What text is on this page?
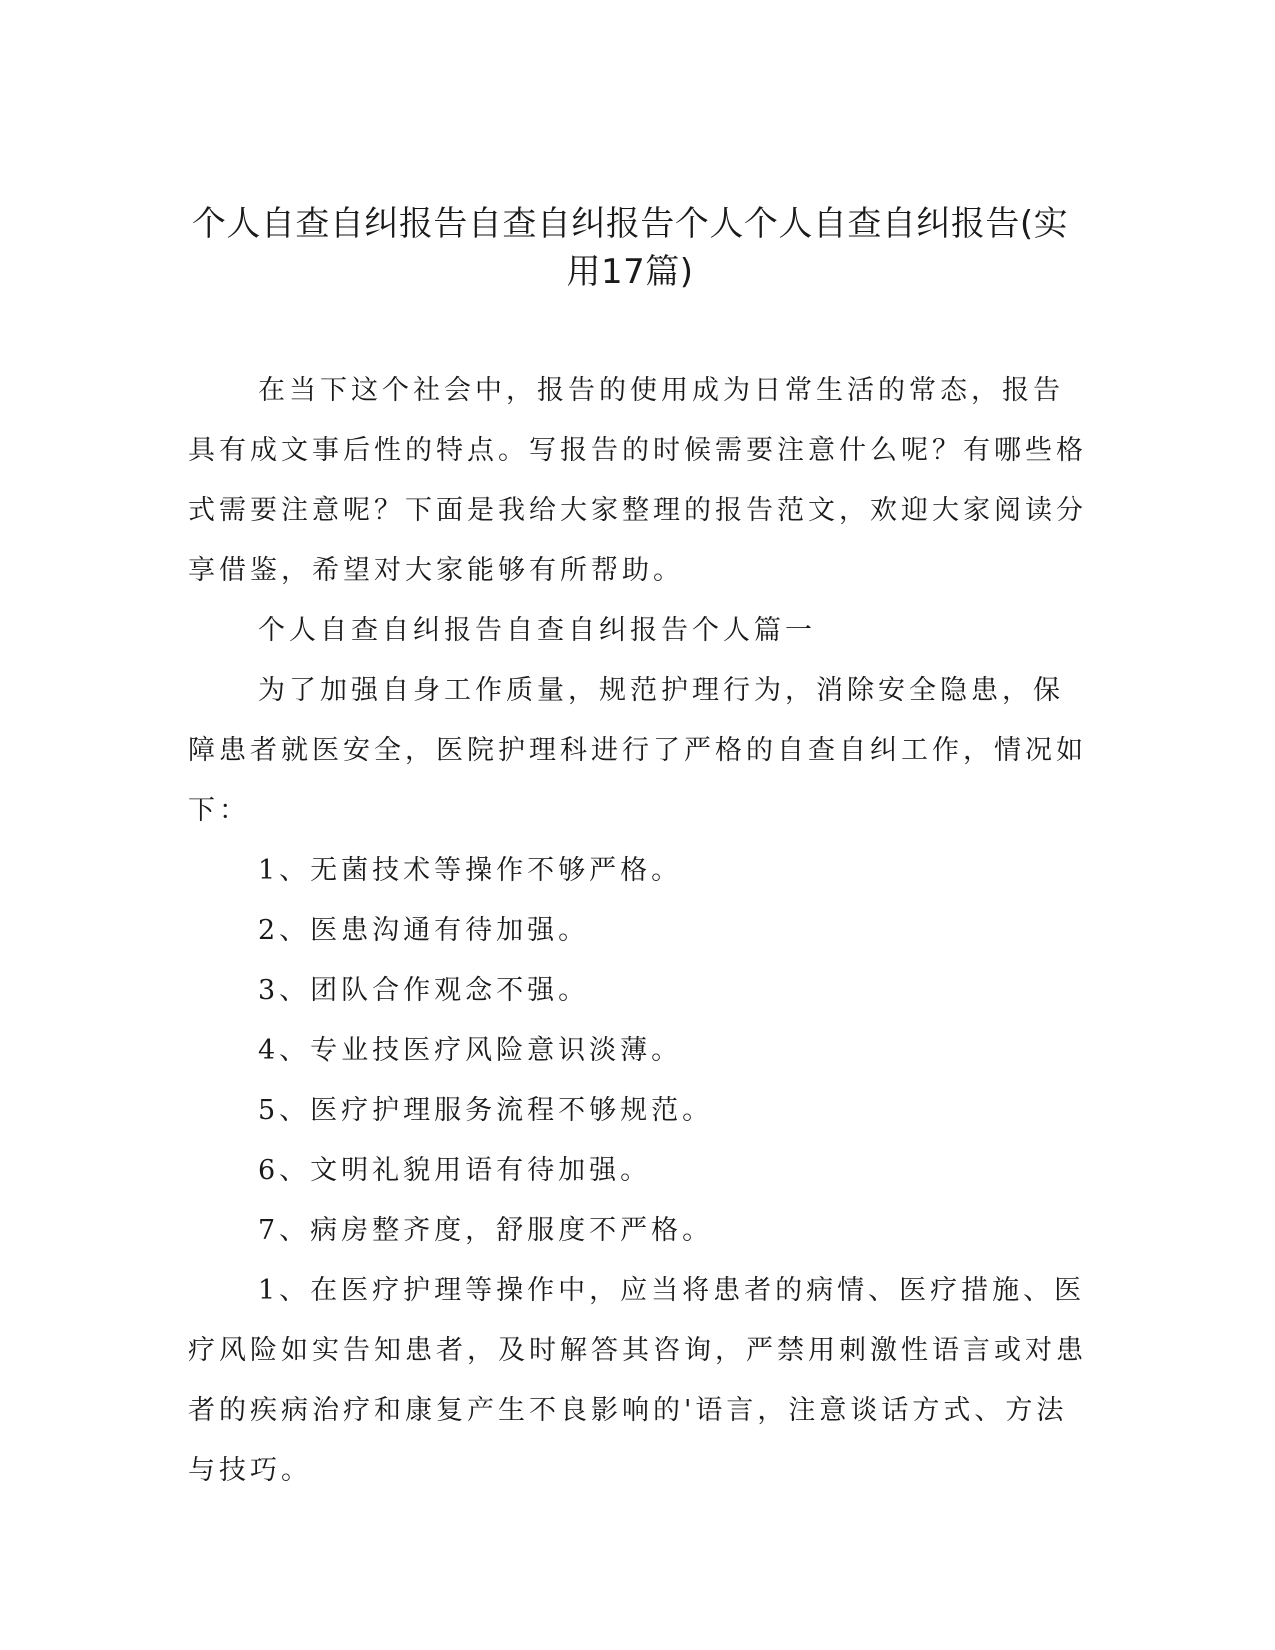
个人自查自纠报告自查自纠报告个人个人自查自纠报告(实用17篇)

在当下这个社会中，报告的使用成为日常生活的常态，报告具有成文事后性的特点。写报告的时候需要注意什么呢？有哪些格式需要注意呢？下面是我给大家整理的报告范文，欢迎大家阅读分享借鉴，希望对大家能够有所帮助。

个人自查自纠报告自查自纠报告个人篇一

为了加强自身工作质量，规范护理行为，消除安全隐患，保障患者就医安全，医院护理科进行了严格的自查自纠工作，情况如下：

1、无菌技术等操作不够严格。

2、医患沟通有待加强。

3、团队合作观念不强。

4、专业技医疗风险意识淡薄。

5、医疗护理服务流程不够规范。

6、文明礼貌用语有待加强。

7、病房整齐度，舒服度不严格。

1、在医疗护理等操作中，应当将患者的病情、医疗措施、医疗风险如实告知患者，及时解答其咨询，严禁用刺激性语言或对患者的疾病治疗和康复产生不良影响的'语言，注意谈话方式、方法与技巧。
